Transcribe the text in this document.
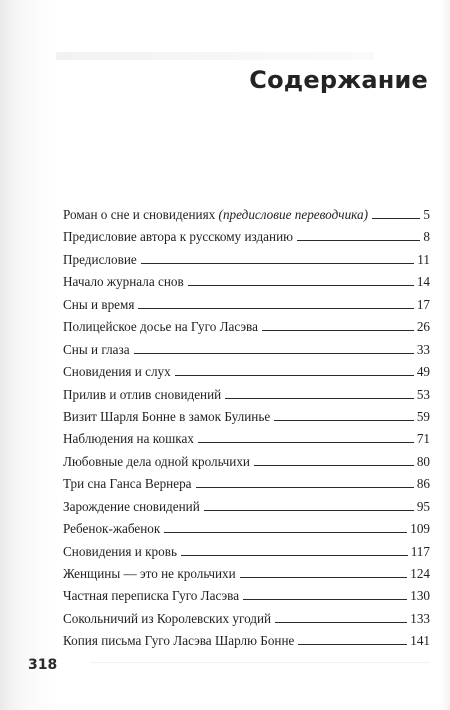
Содержание
Роман о сне и сновидениях (предисловие переводчика)	5
Предисловие автора к русскому изданию	8
Предисловие	11
Начало журнала снов	14
Сны и время	17
Полицейское досье на Гуго Ласэва	26
Сны и глаза	33
Сновидения и слух	49
Прилив и отлив сновидений	53
Визит Шарля Бонне в замок Булинье	59
Наблюдения на кошках	71
Любовные дела одной крольчихи	80
Три сна Ганса Вернера	86
Зарождение сновидений	95
Ребенок-жабенок	109
Сновидения и кровь	117
Женщины — это не крольчихи	124
Частная переписка Гуго Ласэва	130
Сокольничий из Королевских угодий	133
Копия письма Гуго Ласэва Шарлю Бонне	141
318
